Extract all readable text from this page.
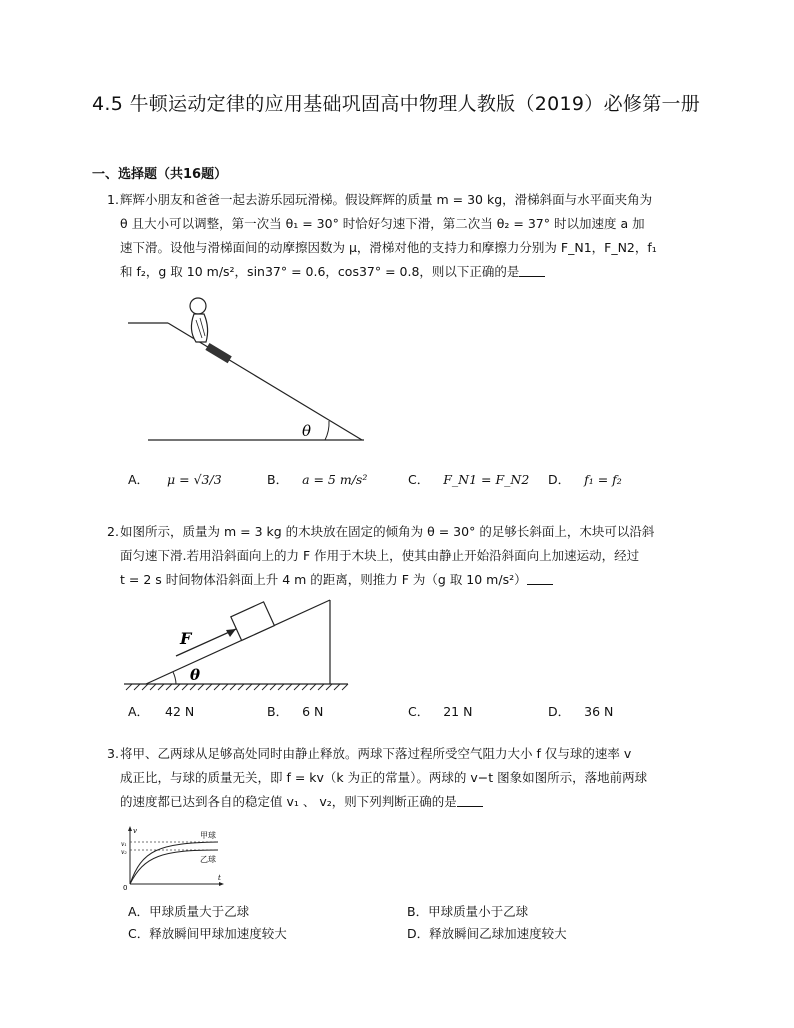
4.5 牛顿运动定律的应用基础巩固高中物理人教版（2019）必修第一册
一、选择题（共16题）
1. 辉辉小朋友和爸爸一起去游乐园玩滑梯。假设辉辉的质量 m = 30 kg，滑梯斜面与水平面夹角为
θ 且大小可以调整，第一次当 θ₁ = 30° 时恰好匀速下滑，第二次当 θ₂ = 37° 时以加速度 a 加
速下滑。设他与滑梯面间的动摩擦因数为 μ，滑梯对他的支持力和摩擦力分别为 F_N1，F_N2，f₁
和 f₂，g 取 10 m/s²，sin37° = 0.6，cos37° = 0.8，则以下正确的是
θ
A． μ = √3/3	B． a = 5 m/s²	C． F_N1 = F_N2 D． f₁ = f₂
2. 如图所示，质量为 m = 3 kg 的木块放在固定的倾角为 θ = 30° 的足够长斜面上，木块可以沿斜
面匀速下滑.若用沿斜面向上的力 F 作用于木块上，使其由静止开始沿斜面向上加速运动，经过
t = 2 s 时间物体沿斜面上升 4 m 的距离，则推力 F 为（g 取 10 m/s²）
F
θ
A． 42 N	B． 6 N	C． 21 N	D． 36 N
3. 将甲、乙两球从足够高处同时由静止释放。两球下落过程所受空气阻力大小 f 仅与球的速率 v
成正比，与球的质量无关，即 f = kv（k 为正的常量）。两球的 v−t 图象如图所示，落地前两球
的速度都已达到各自的稳定值 v₁ 、 v₂，则下列判断正确的是
v
t
0
v₁
v₂
甲球
乙球
A．甲球质量大于乙球	B．甲球质量小于乙球
C．释放瞬间甲球加速度较大	D．释放瞬间乙球加速度较大
